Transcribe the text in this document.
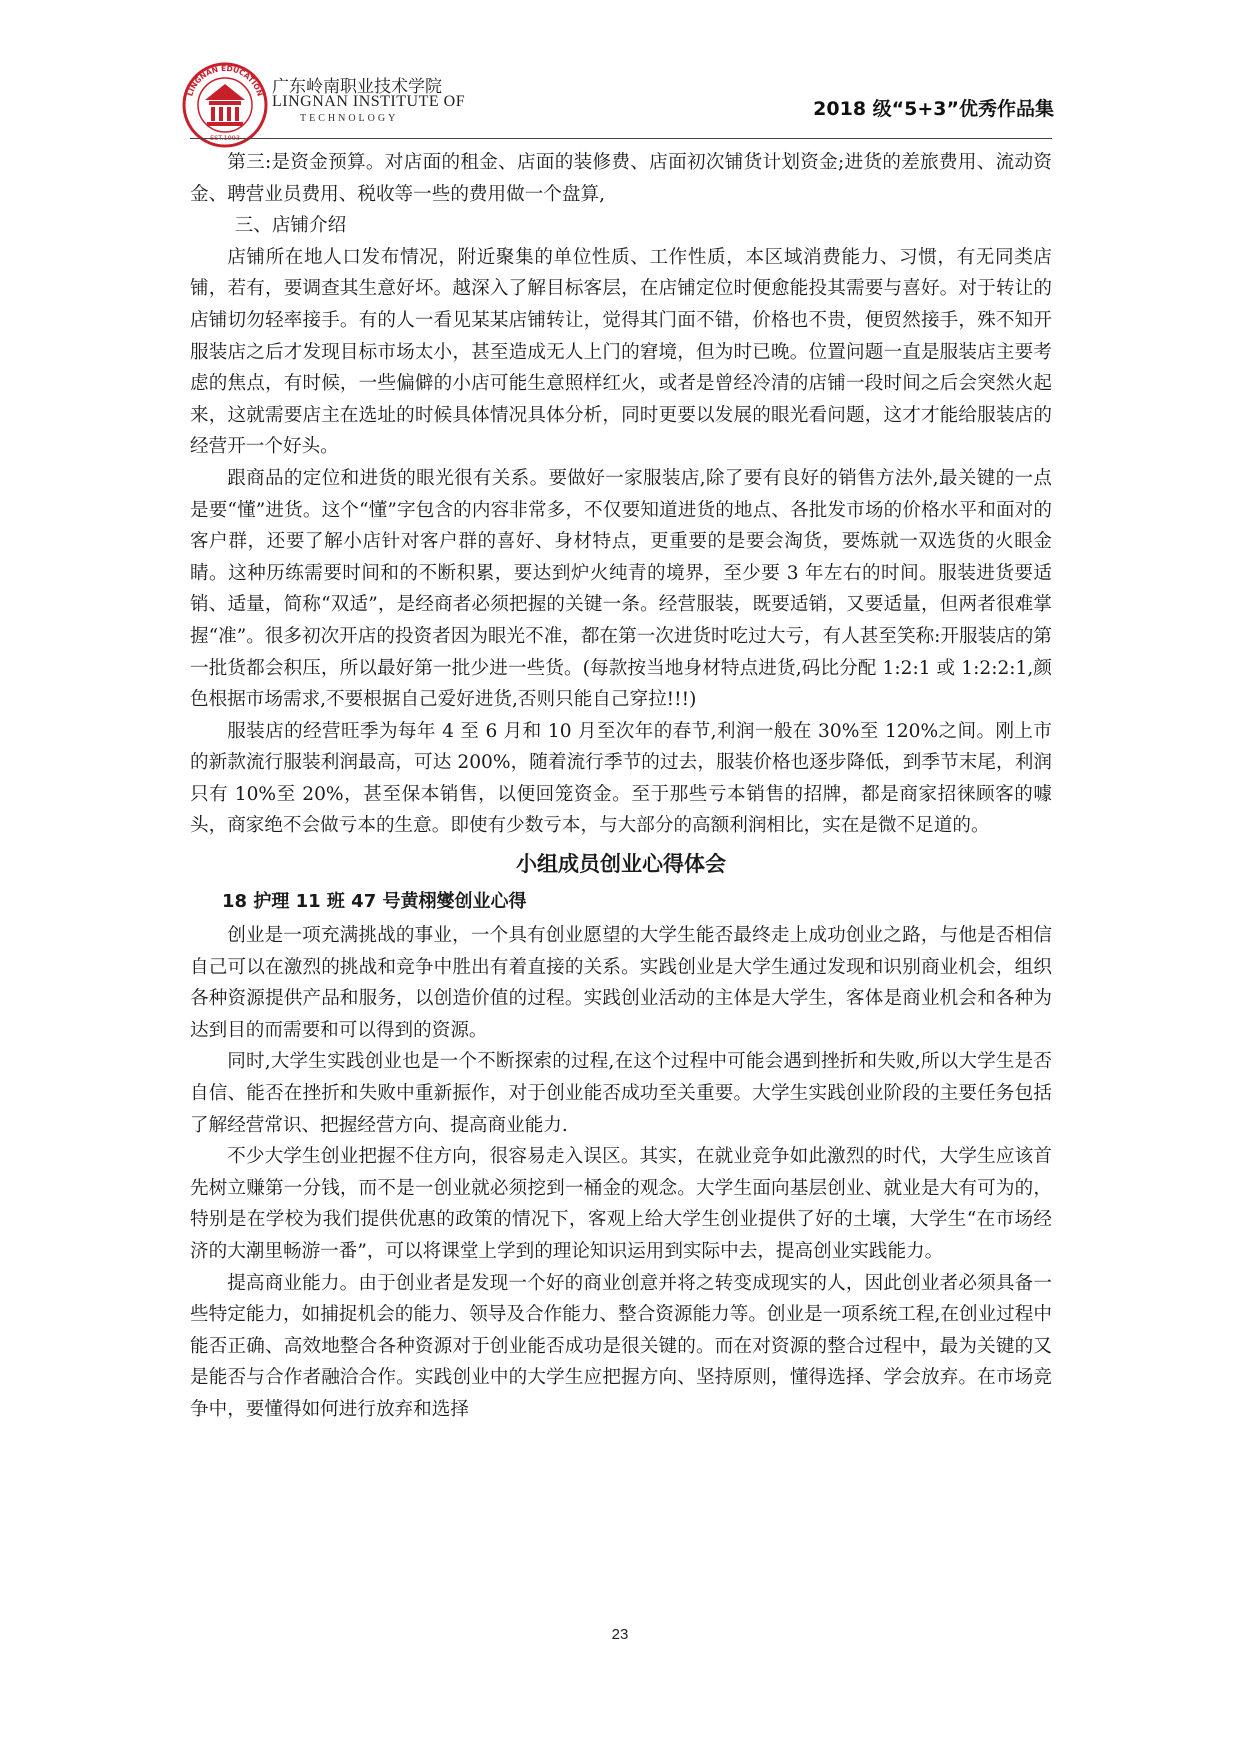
LINGNAN EDUCATION
EST.1993
广东岭南职业技术学院
LINGNAN INSTITUTE OF
TECHNOLOGY	2018 级“5+3”优秀作品集

第三:是资金预算。对店面的租金、店面的装修费、店面初次铺货计划资金;进货的差旅费用、流动资金、聘营业员费用、税收等一些的费用做一个盘算,

三、店铺介绍

店铺所在地人口发布情况，附近聚集的单位性质、工作性质，本区域消费能力、习惯，有无同类店铺，若有，要调查其生意好坏。越深入了解目标客层，在店铺定位时便愈能投其需要与喜好。对于转让的店铺切勿轻率接手。有的人一看见某某店铺转让，觉得其门面不错，价格也不贵，便贸然接手，殊不知开服装店之后才发现目标市场太小，甚至造成无人上门的窘境，但为时已晚。位置问题一直是服装店主要考虑的焦点，有时候，一些偏僻的小店可能生意照样红火，或者是曾经冷清的店铺一段时间之后会突然火起来，这就需要店主在选址的时候具体情况具体分析，同时更要以发展的眼光看问题，这才才能给服装店的经营开一个好头。

跟商品的定位和进货的眼光很有关系。要做好一家服装店,除了要有良好的销售方法外,最关键的一点是要“懂”进货。这个“懂”字包含的内容非常多，不仅要知道进货的地点、各批发市场的价格水平和面对的客户群，还要了解小店针对客户群的喜好、身材特点，更重要的是要会淘货，要炼就一双选货的火眼金睛。这种历练需要时间和的不断积累，要达到炉火纯青的境界，至少要 3 年左右的时间。服装进货要适销、适量，简称“双适”，是经商者必须把握的关键一条。经营服装，既要适销，又要适量，但两者很难掌握“准”。很多初次开店的投资者因为眼光不准，都在第一次进货时吃过大亏，有人甚至笑称:开服装店的第一批货都会积压，所以最好第一批少进一些货。(每款按当地身材特点进货,码比分配 1:2:1 或 1:2:2:1,颜色根据市场需求,不要根据自己爱好进货,否则只能自己穿拉!!!)

服装店的经营旺季为每年 4 至 6 月和 10 月至次年的春节,利润一般在 30%至 120%之间。刚上市的新款流行服装利润最高，可达 200%，随着流行季节的过去，服装价格也逐步降低，到季节末尾，利润只有 10%至 20%，甚至保本销售，以便回笼资金。至于那些亏本销售的招牌，都是商家招徕顾客的噱头，商家绝不会做亏本的生意。即使有少数亏本，与大部分的高额利润相比，实在是微不足道的。

小组成员创业心得体会
18 护理 11 班 47 号黄栩燮创业心得

创业是一项充满挑战的事业，一个具有创业愿望的大学生能否最终走上成功创业之路，与他是否相信自己可以在激烈的挑战和竞争中胜出有着直接的关系。实践创业是大学生通过发现和识别商业机会，组织各种资源提供产品和服务，以创造价值的过程。实践创业活动的主体是大学生，客体是商业机会和各种为达到目的而需要和可以得到的资源。

同时,大学生实践创业也是一个不断探索的过程,在这个过程中可能会遇到挫折和失败,所以大学生是否自信、能否在挫折和失败中重新振作，对于创业能否成功至关重要。大学生实践创业阶段的主要任务包括了解经营常识、把握经营方向、提高商业能力.

不少大学生创业把握不住方向，很容易走入误区。其实，在就业竞争如此激烈的时代，大学生应该首先树立赚第一分钱，而不是一创业就必须挖到一桶金的观念。大学生面向基层创业、就业是大有可为的，特别是在学校为我们提供优惠的政策的情况下，客观上给大学生创业提供了好的土壤，大学生“在市场经济的大潮里畅游一番”，可以将课堂上学到的理论知识运用到实际中去，提高创业实践能力。

提高商业能力。由于创业者是发现一个好的商业创意并将之转变成现实的人，因此创业者必须具备一些特定能力，如捕捉机会的能力、领导及合作能力、整合资源能力等。创业是一项系统工程,在创业过程中能否正确、高效地整合各种资源对于创业能否成功是很关键的。而在对资源的整合过程中，最为关键的又是能否与合作者融洽合作。实践创业中的大学生应把握方向、坚持原则，懂得选择、学会放弃。在市场竞争中，要懂得如何进行放弃和选择

23
